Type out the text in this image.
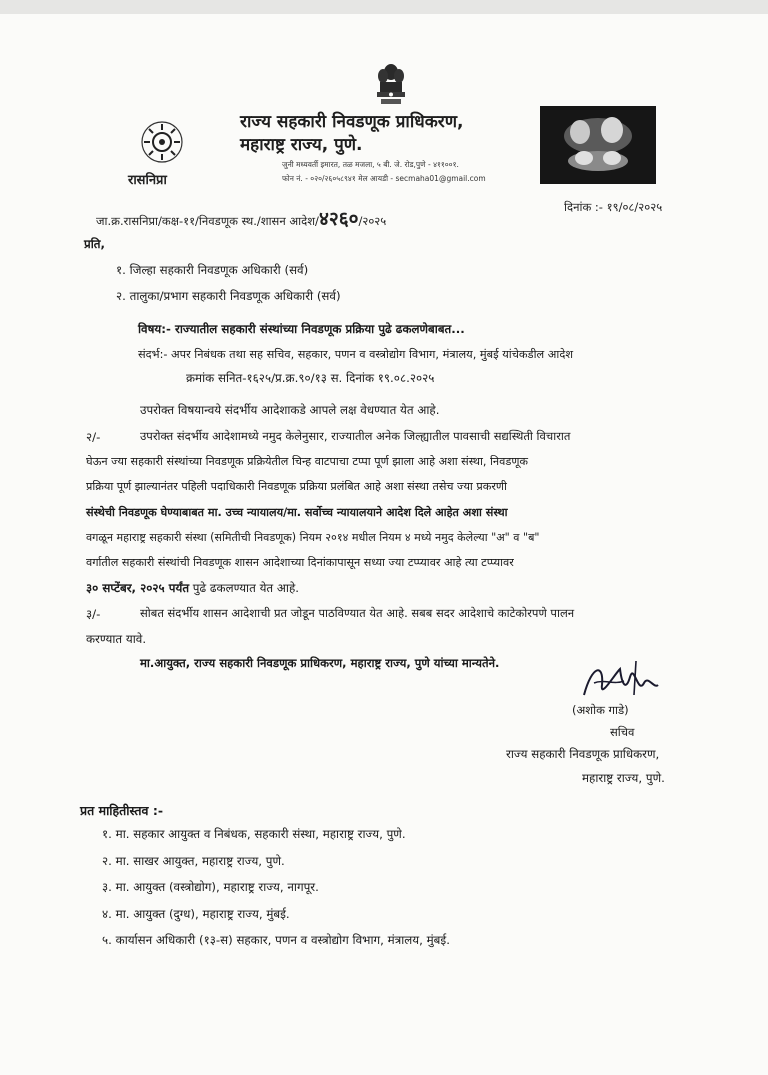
रासनिप्रा
राज्य सहकारी निवडणूक प्राधिकरण,
महाराष्ट्र राज्य, पुणे.
जुनी मध्यवर्ती इमारत, तळ मजला, ५ बी. जे. रोड,पुणे - ४११००१.
फोन नं. - ०२०/२६०५८९४१ मेल आयडी - secmaha01@gmail.com
जा.क्र.रासनिप्रा/कक्ष-११/निवडणूक स्थ./शासन आदेश/४२६०/२०२५
दिनांक :- १९/०८/२०२५
प्रति,
१. जिल्हा सहकारी निवडणूक अधिकारी (सर्व)
२. तालुका/प्रभाग सहकारी निवडणूक अधिकारी (सर्व)
विषय:- राज्यातील सहकारी संस्थांच्या निवडणूक प्रक्रिया पुढे ढकलणेबाबत...
संदर्भ:- अपर निबंधक तथा सह सचिव, सहकार, पणन व वस्त्रोद्योग विभाग, मंत्रालय, मुंबई यांचेकडील आदेश
क्रमांक सनित-१६२५/प्र.क्र.९०/१३ स. दिनांक १९.०८.२०२५
उपरोक्त विषयान्वये संदर्भीय आदेशाकडे आपले लक्ष वेधण्यात येत आहे.
२/-	उपरोक्त संदर्भीय आदेशामध्ये नमुद केलेनुसार, राज्यातील अनेक जिल्ह्यातील पावसाची सद्यस्थिती विचारात
घेऊन ज्या सहकारी संस्थांच्या निवडणूक प्रक्रियेतील चिन्ह वाटपाचा टप्पा पूर्ण झाला आहे अशा संस्था, निवडणूक
प्रक्रिया पूर्ण झाल्यानंतर पहिली पदाधिकारी निवडणूक प्रक्रिया प्रलंबित आहे अशा संस्था तसेच ज्या प्रकरणी
संस्थेची निवडणूक घेण्याबाबत मा. उच्च न्यायालय/मा. सर्वोच्च न्यायालयाने आदेश दिले आहेत अशा संस्था
वगळून महाराष्ट्र सहकारी संस्था (समितीची निवडणूक) नियम २०१४ मधील नियम ४ मध्ये नमुद केलेल्या "अ" व "ब"
वर्गातील सहकारी संस्थांची निवडणूक शासन आदेशाच्या दिनांकापासून सध्या ज्या टप्प्यावर आहे त्या टप्प्यावर
३० सप्टेंबर, २०२५ पर्यंत पुढे ढकलण्यात येत आहे.
३/-	सोबत संदर्भीय शासन आदेशाची प्रत जोडून पाठविण्यात येत आहे. सबब सदर आदेशाचे काटेकोरपणे पालन
करण्यात यावे.
मा.आयुक्त, राज्य सहकारी निवडणूक प्राधिकरण, महाराष्ट्र राज्य, पुणे यांच्या मान्यतेने.
(अशोक गाडे)
सचिव
राज्य सहकारी निवडणूक प्राधिकरण,
महाराष्ट्र राज्य, पुणे.
प्रत माहितीस्तव :-
१. मा. सहकार आयुक्त व निबंधक, सहकारी संस्था, महाराष्ट्र राज्य, पुणे.
२. मा. साखर आयुक्त, महाराष्ट्र राज्य, पुणे.
३. मा. आयुक्त (वस्त्रोद्योग), महाराष्ट्र राज्य, नागपूर.
४. मा. आयुक्त (दुग्ध), महाराष्ट्र राज्य, मुंबई.
५. कार्यासन अधिकारी (१३-स) सहकार, पणन व वस्त्रोद्योग विभाग, मंत्रालय, मुंबई.
